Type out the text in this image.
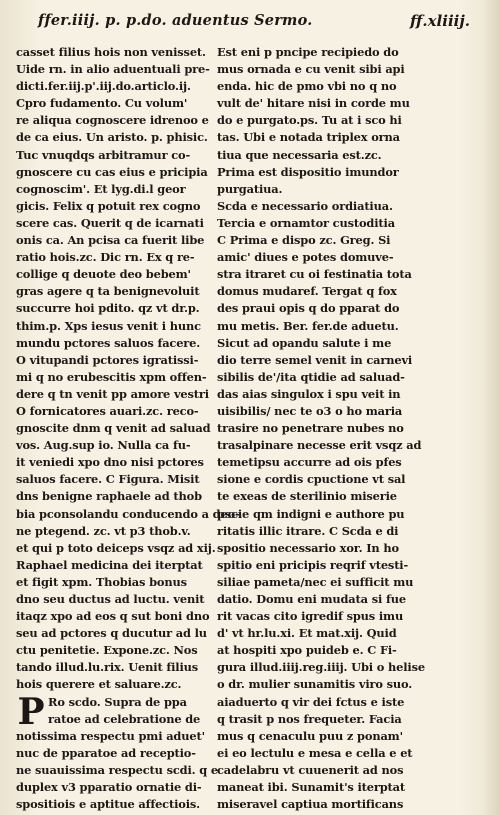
ffer.iiij. p. p.do. aduentus Sermo.	ff.xliiij.
casset filius hois non venisset.
Uide rn. in alio aduentuali pre-
dicti.fer.iij.p'.iij.do.articlo.ij.
Cpro fudamento. Cu volum'
re aliqua cognoscere idrenoo e
de ca eius. Un aristo. p. phisic.
Tuc vnuqdqs arbitramur co-
gnoscere cu cas eius e pricipia
cognoscim'. Et lyg.di.l geor
gicis. Felix q potuit rex cogno
scere cas. Querit q de icarnati
onis ca. An pcisa ca fuerit libe
ratio hois.zc. Dic rn. Ex q re-
collige q deuote deo bebem'
gras agere q ta benignevoluit
succurre hoi pdito. qz vt dr.p.
thim.p. Xps iesus venit i hunc
mundu pctores saluos facere.
O vitupandi pctores igratissi-
mi q no erubescitis xpm offen-
dere q tn venit pp amore vestri
O fornicatores auari.zc. reco-
gnoscite dnm q venit ad saluad
vos. Aug.sup io. Nulla ca fu-
it veniedi xpo dno nisi pctores
saluos facere. C Figura. Misit
dns benigne raphaele ad thob
bia pconsolandu conducendo a deo-
ne ptegend. zc. vt p3 thob.v.
et qui p toto deiceps vsqz ad xij.
Raphael medicina dei iterptat
et figit xpm. Thobias bonus
dno seu ductus ad luctu. venit
itaqz xpo ad eos q sut boni dno
seu ad pctores q ducutur ad lu
ctu penitetie. Expone.zc. Nos
tando illud.lu.rix. Uenit filius
hois querere et saluare.zc.
P Ro scdo. Supra de ppa
ratoe ad celebratione de
notissima respectu pmi aduet'
nuc de pparatoe ad receptio-
ne suauissima respectu scdi. q e
duplex v3 pparatio ornatie di-
spositiois e aptitue affectiois.
Est eni p pncipe recipiedo do
mus ornada e cu venit sibi api
enda. hic de pmo vbi no q no
vult de' hitare nisi in corde mu
do e purgato.ps. Tu at i sco hi
tas. Ubi e notada triplex orna
tiua que necessaria est.zc.
Prima est dispositio imundor
purgatiua.
Scda e necessario ordiatiua.
Tercia e ornamtor custoditia
C Prima e dispo zc. Greg. Si
amic' diues e potes domuve-
stra itraret cu oi festinatia tota
domus mudaref. Tergat q fox
des praui opis q do pparat do
mu metis. Ber. fer.de aduetu.
Sicut ad opandu salute i me
dio terre semel venit in carnevi
sibilis de'/ita qtidie ad saluad-
das aias singulox i spu veit in
uisibilis/ nec te o3 o ho maria
trasire no penetrare nubes no
trasalpinare necesse erit vsqz ad
temetipsu accurre ad ois pfes
sione e cordis cpuctione vt sal
te exeas de sterilinio miserie
pscie qm indigni e authore pu
ritatis illic itrare. C Scda e di
spositio necessario xor. In ho
spitio eni pricipis reqrif vtesti-
siliae pameta/nec ei sufficit mu
datio. Domu eni mudata si fue
rit vacas cito igredif spus imu
d' vt hr.lu.xi. Et mat.xij. Quid
at hospiti xpo puideb e. C Fi-
gura illud.iiij.reg.iiij. Ubi o helise
o dr. mulier sunamitis viro suo.
aiaduerto q vir dei fctus e iste
q trasit p nos frequeter. Facia
mus q cenaculu puu z ponam'
ei eo lectulu e mesa e cella e et
cadelabru vt cuuenerit ad nos
maneat ibi. Sunamit's iterptat
miseravel captiua mortificans
